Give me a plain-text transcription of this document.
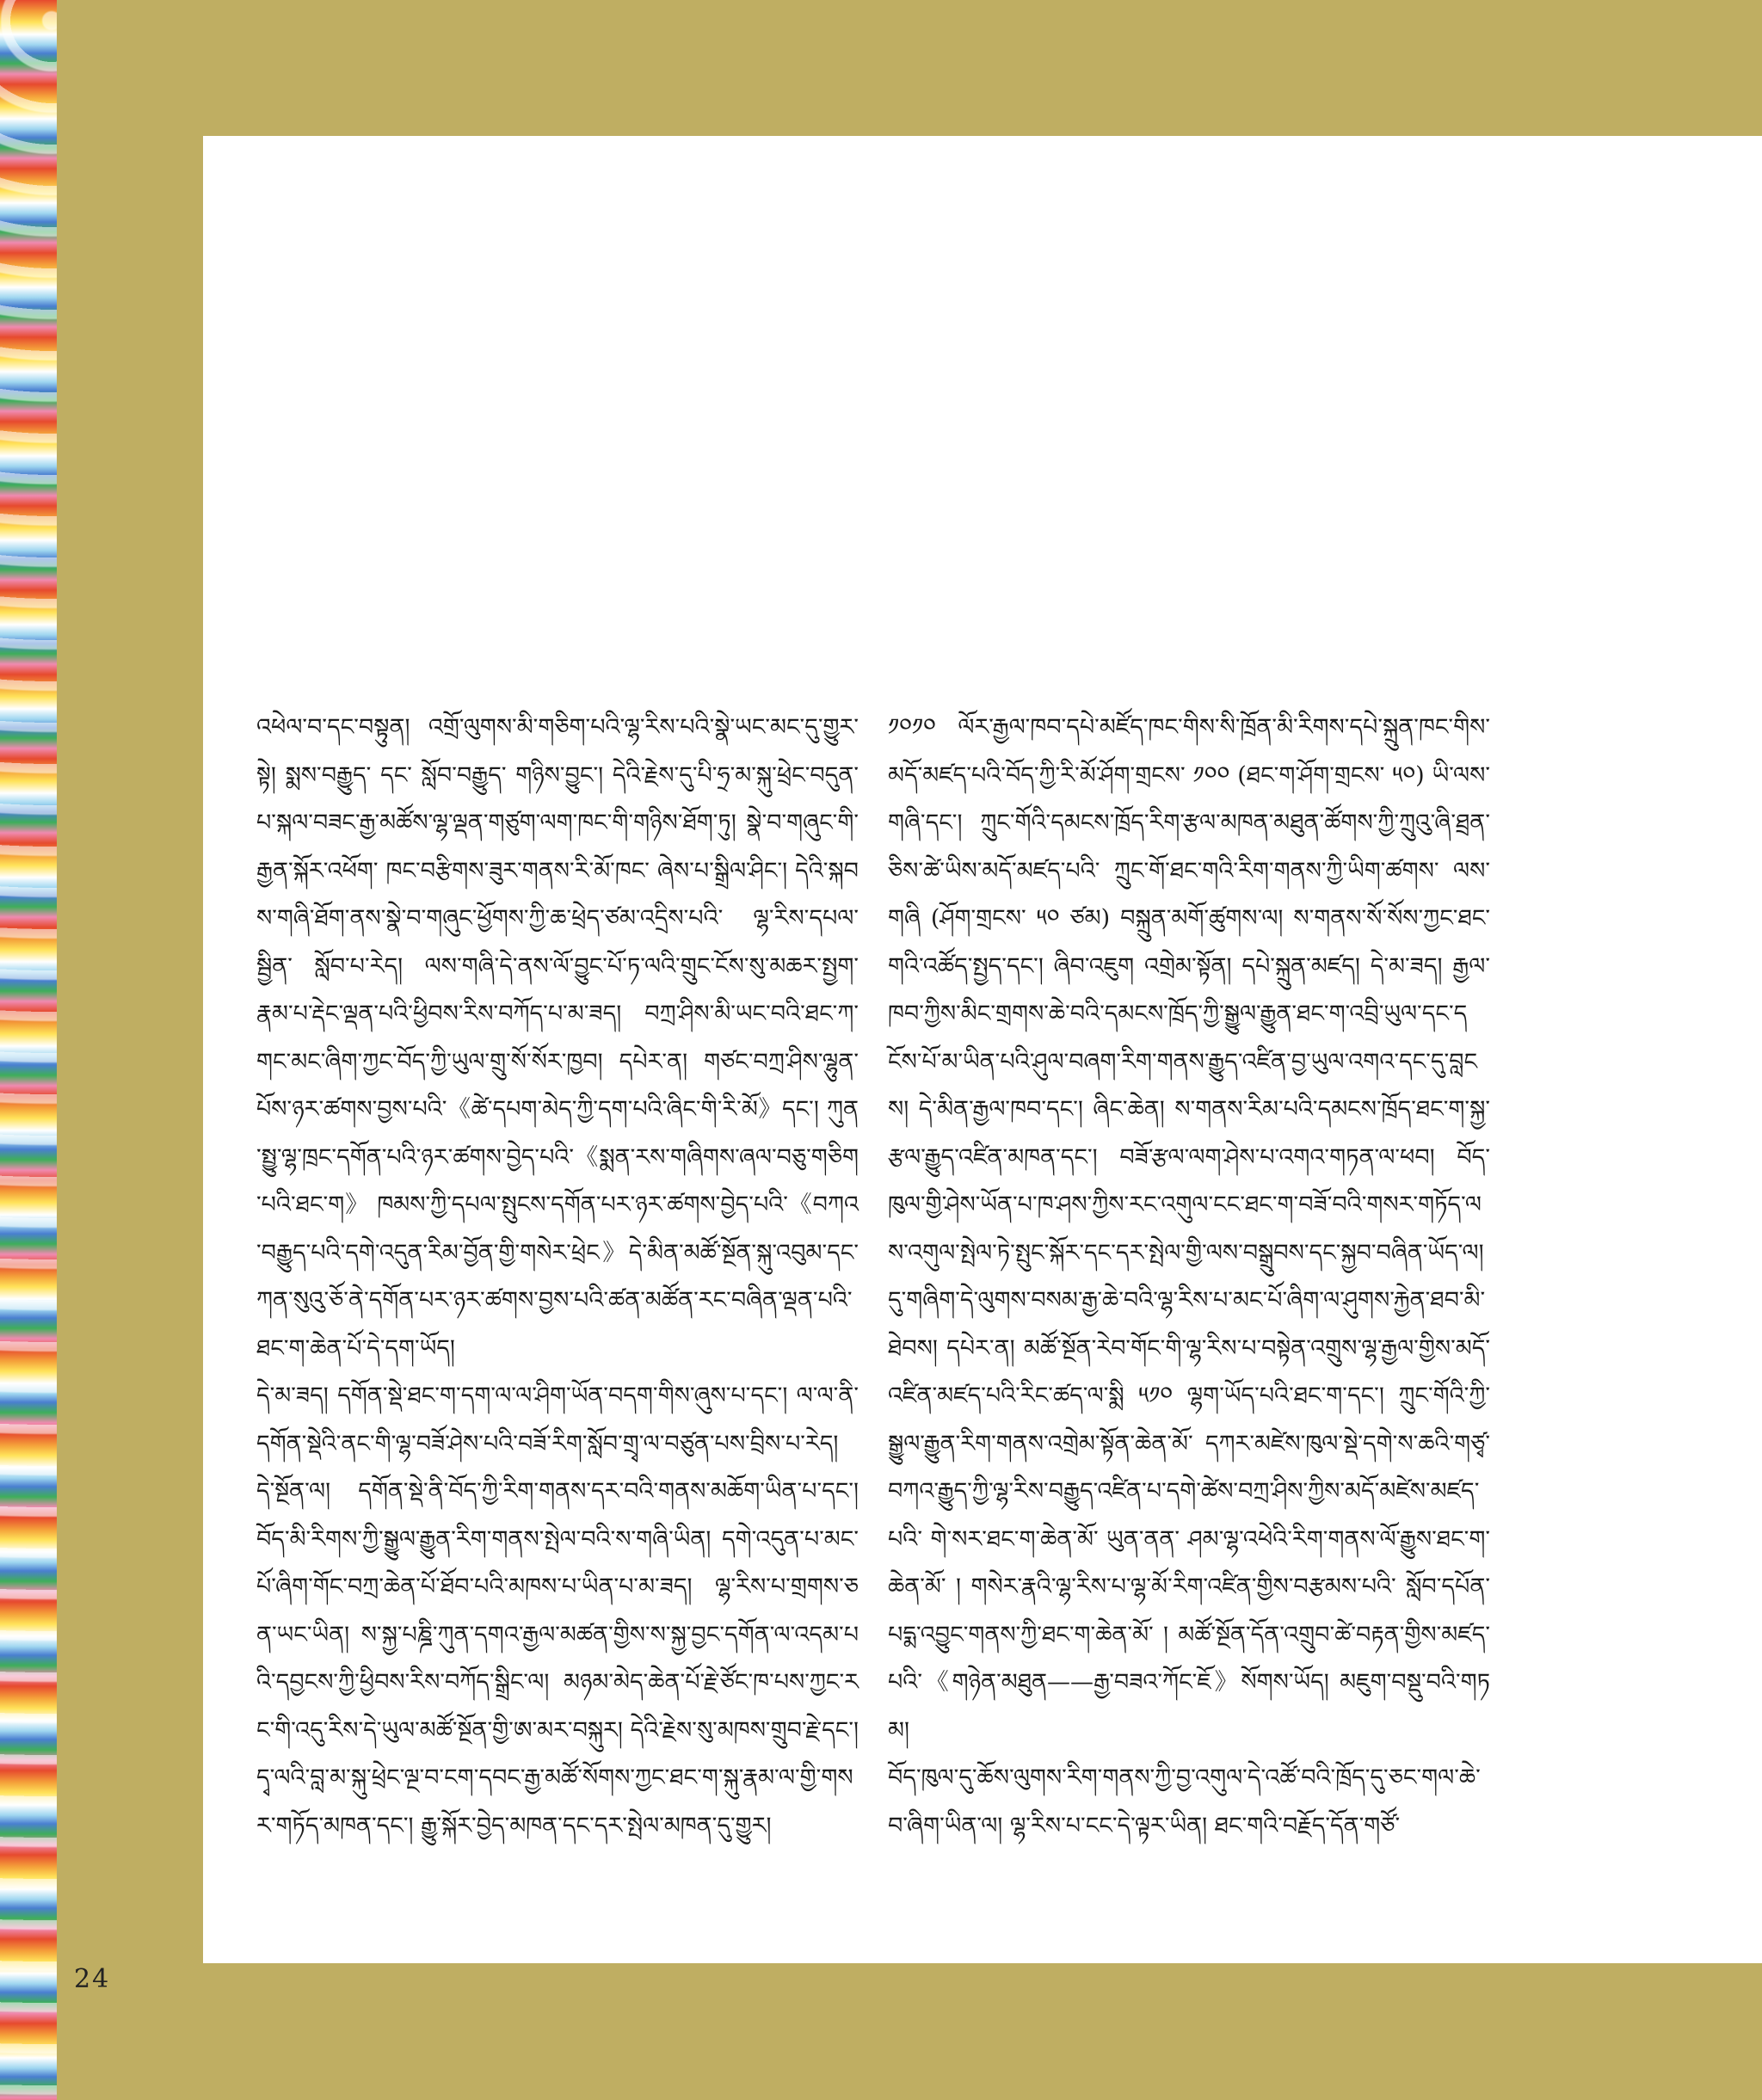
འཕེལ་བ་དང་བསྟུན། འགྲོ་ལུགས་མི་གཅིག་པའི་ལྷ་རིས་པའི་སྣེ་ཡང་མང་དུ་གྱུར་སྟེ། སྨས་བརྒྱུད་ དང་ སློབ་བརྒྱུད་ གཉིས་བྱུང་། དེའི་རྗེས་དུ་པི་ཧྲ་མ་སྐུ་ཕྲེང་བདུན་པ་སྐལ་བཟང་རྒྱ་མཚོས་ལྷ་ལྡན་གཙུག་ལག་ཁང་གི་གཉིས་ཐོག་ཏུ། སྣེ་བ་གཞུང་གི་རྒྱན་སྐོར་འཕོག་ ཁང་བརྩིགས་ཟུར་གནས་རི་མོ་ཁང་ ཞེས་པ་སྒྲིལ་ཤིང་། དེའི་སྐབས་གཞི་ཐོག་ནས་སྣེ་བ་གཞུང་ཕྱོགས་ཀྱི་ཆ་ཕྲེད་ཙམ་འདྲིས་པའི་ ལྷ་རིས་དཔལ་སྦྱིན་ སློབ་པ་རེད། ལས་གཞི་དེ་ནས་ལོ་བྱུང་པོ་ཏ་ལའི་གྲུང་ངོས་སུ་མཆར་སྤྱག་རྣམ་པ་རྡེང་ལྡན་པའི་ཕྱིབས་རིས་བཀོད་པ་མ་ཟད། བཀྲ་ཤིས་མི་ཡང་བའི་ཐང་ཀ་གང་མང་ཞིག་ཀྱང་བོད་ཀྱི་ཡུལ་གྲུ་སོ་སོར་ཁྱབ། དཔེར་ན། གཙང་བཀྲ་ཤིས་ལྷུན་པོས་ཉར་ཚགས་བྱས་པའི་《ཚེ་དཔག་མེད་ཀྱི་དག་པའི་ཞིང་གི་རི་མོ》དང་། ཀུན་སྤྱུ་ལྷ་ཁྲང་དགོན་པའི་ཉར་ཚགས་བྱེད་པའི་《སྨན་རས་གཞིགས་ཞལ་བཅུ་གཅིག་པའི་ཐང་ག》 ཁམས་ཀྱི་དཔལ་སྤུངས་དགོན་པར་ཉར་ཚགས་བྱེད་པའི་《བཀའ་བརྒྱུད་པའི་དགེ་འདུན་རིམ་བྱོན་གྱི་གསེར་ཕྲེང》དེ་མིན་མཚོ་སྔོན་སྐུ་འབུམ་དང་ཀན་སུའུ་ཅོ་ནེ་དགོན་པར་ཉར་ཚགས་བྱས་པའི་ཚན་མཚོན་རང་བཞིན་ལྡན་པའི་ཐང་ག་ཆེན་པོ་དེ་དག་ཡོད།

དེ་མ་ཟད། དགོན་སྡེ་ཐང་ག་དག་ལ་ལ་ཤིག་ཡོན་བདག་གིས་ཞུས་པ་དང་། ལ་ལ་ནི་དགོན་སྡེའི་ནང་གི་ལྷ་བཟོ་ཤེས་པའི་བཟོ་རིག་སློབ་གྲྭ་ལ་བཙུན་པས་བྲིས་པ་རེད། དེ་སྔོན་ལ། དགོན་སྡེ་ནི་བོད་ཀྱི་རིག་གནས་དར་བའི་གནས་མཆོག་ཡིན་པ་དང་། བོད་མི་རིགས་ཀྱི་སྒྱུལ་རྒྱུན་རིག་གནས་སྤེལ་བའི་ས་གཞི་ཡིན། དགེ་འདུན་པ་མང་པོ་ཞིག་གོང་བཀྲ་ཆེན་པོ་ཐོབ་པའི་མཁས་པ་ཡིན་པ་མ་ཟད། ལྷ་རིས་པ་གྲགས་ཅན་ཡང་ཡིན། ས་སྐྱ་པཎྜི་ཀུན་དགའ་རྒྱལ་མཚན་གྱིས་ས་སྐྱ་བྱང་དགོན་ལ་འདམ་པའི་དབྱངས་ཀྱི་ཕྱིབས་རིས་བཀོད་སྒྲིང་ལ། མཉམ་མེད་ཆེན་པོ་རྗེ་ཙོང་ཁ་པས་ཀྱང་རང་གི་འདུ་རིས་དེ་ཡུལ་མཚོ་སྔོན་གྱི་ཨ་མར་བསྐུར། དེའི་རྗེས་སུ་མཁས་གྲུབ་རྗེ་དང་། དྭ་ལའི་བླ་མ་སྐུ་ཕྲེང་ལྔ་བ་ངག་དབང་རྒྱ་མཚོ་སོགས་ཀྱང་ཐང་ག་སྐུ་རྣམ་ལ་གྱི་གསར་གཏོད་མཁན་དང་། རྒྱུ་སྐོར་བྱེད་མཁན་དང་དར་སྤེལ་མཁན་དུ་གྱུར།

༡༠༡༠ ལོར་རྒྱལ་ཁབ་དཔེ་མཛོད་ཁང་གིས་སི་ཁྲོན་མི་རིགས་དཔེ་སྐྲུན་ཁང་གིས་མདོ་མཛད་པའི་བོད་ཀྱི་རི་མོ་ཤོག་གྲངས་ ༡༠༠ (ཐང་ག་ཤོག་གྲངས་ ༥༠) ཡི་ལས་གཞི་དང་། ཀྲུང་གོའི་དམངས་ཁྲོད་རིག་རྩལ་མཁན་མཐུན་ཚོགས་ཀྱི་ཀྲུའུ་ཞི་ཐྲན་ཅིས་ཚེ་ཡིས་མདོ་མཛད་པའི་ ཀྲུང་གོ་ཐང་གའི་རིག་གནས་ཀྱི་ཡིག་ཚགས་ ལས་གཞི (ཤོག་གྲངས་ ༥༠ ཙམ) བསྐྲུན་མགོ་ཚུགས་ལ། ས་གནས་སོ་སོས་ཀྱང་ཐང་གའི་འཚོད་སྤྱད་དང་། ཞིབ་འཇུག འགྲེམ་སྟོན། དཔེ་སྐྲུན་མཛད། དེ་མ་ཟད། རྒྱལ་ཁབ་ཀྱིས་མིང་གྲགས་ཆེ་བའི་དམངས་ཁྲོད་ཀྱི་སྒྱུལ་རྒྱུན་ཐང་ག་འབྲི་ཡུལ་དང་དངོས་པོ་མ་ཡིན་པའི་ཤུལ་བཞག་རིག་གནས་རྒྱུད་འཛིན་བྱ་ཡུལ་འགའ་དང་དུ་བླངས། དེ་མིན་རྒྱལ་ཁབ་དང་། ཞིང་ཆེན། ས་གནས་རིམ་པའི་དམངས་ཁྲོད་ཐང་ག་སྐྱ་རྩལ་རྒྱུད་འཛིན་མཁན་དང་། བཟོ་རྩལ་ལག་ཤེས་པ་འགའ་གཏན་ལ་ཕབ། བོད་ཁུལ་གྱི་ཤེས་ཡོན་པ་ཁ་ཤས་ཀྱིས་རང་འགུལ་ངང་ཐང་ག་བཟོ་བའི་གསར་གཏོད་ལས་འགུལ་སྤེལ་ཏེ་སྤུང་སྐོར་དང་དར་སྤེལ་གྱི་ལས་བསྒྲུབས་དང་སྐྱབ་བཞིན་ཡོད་ལ། དུ་གཞིག་དེ་ལུགས་བསམ་རྒྱ་ཆེ་བའི་ལྷ་རིས་པ་མང་པོ་ཞིག་ལ་ཤུགས་རྐྱེན་ཐབ་མི་ཐེབས། དཔེར་ན། མཚོ་སྔོན་རེབ་གོང་གི་ལྷ་རིས་པ་བསྟེན་འགྲུས་ལྷ་རྒྱལ་གྱིས་མདོ་འཛིན་མཛད་པའི་རིང་ཚད་ལ་སྨི ༥༡༠ ལྷག་ཡོད་པའི་ཐང་ག་དང་། ཀྲུང་གོའི་ཀྱི་སྒྱུལ་རྒྱུན་རིག་གནས་འགྲེམ་སྟོན་ཆེན་མོ་ དཀར་མཛེས་ཁུལ་སྡེ་དགེ་ས་ཆའི་གཙྭ་བཀའ་རྒྱུད་ཀྱི་ལྷ་རིས་བརྒྱུད་འཛིན་པ་དགེ་ཚེས་བཀྲ་ཤིས་ཀྱིས་མདོ་མཛེས་མཛད་པའི་ གེ་སར་ཐང་ག་ཆེན་མོ་ ཡུན་ནན་ ཤམ་ལྷ་འཕེའི་རིག་གནས་ལོ་རྒྱུས་ཐང་ག་ཆེན་མོ་ ། གསེར་རྣའི་ལྷ་རིས་པ་ལྷ་མོ་རིག་འཛིན་གྱིས་བརྩམས་པའི་ སློབ་དཔོན་པདྨ་འབྱུང་གནས་ཀྱི་ཐང་ག་ཆེན་མོ་ ། མཚོ་སྔོན་དོན་འགྲུབ་ཚེ་བརྟན་གྱིས་མཛད་པའི་《གཉེན་མཐུན——རྒྱ་བཟའ་ཀོང་ཇོ》སོགས་ཡོད། མཇུག་བསྡུ་བའི་གཏམ།

བོད་ཁུལ་དུ་ཆོས་ལུགས་རིག་གནས་ཀྱི་བྱ་འགུལ་དེ་འཚོ་བའི་ཁྲོད་དུ་ཅང་གལ་ཆེ་བ་ཞིག་ཡིན་ལ། ལྷ་རིས་པ་ངང་དེ་ལྟར་ཡིན། ཐང་གའི་བརྗོད་དོན་གཙོ་

24
